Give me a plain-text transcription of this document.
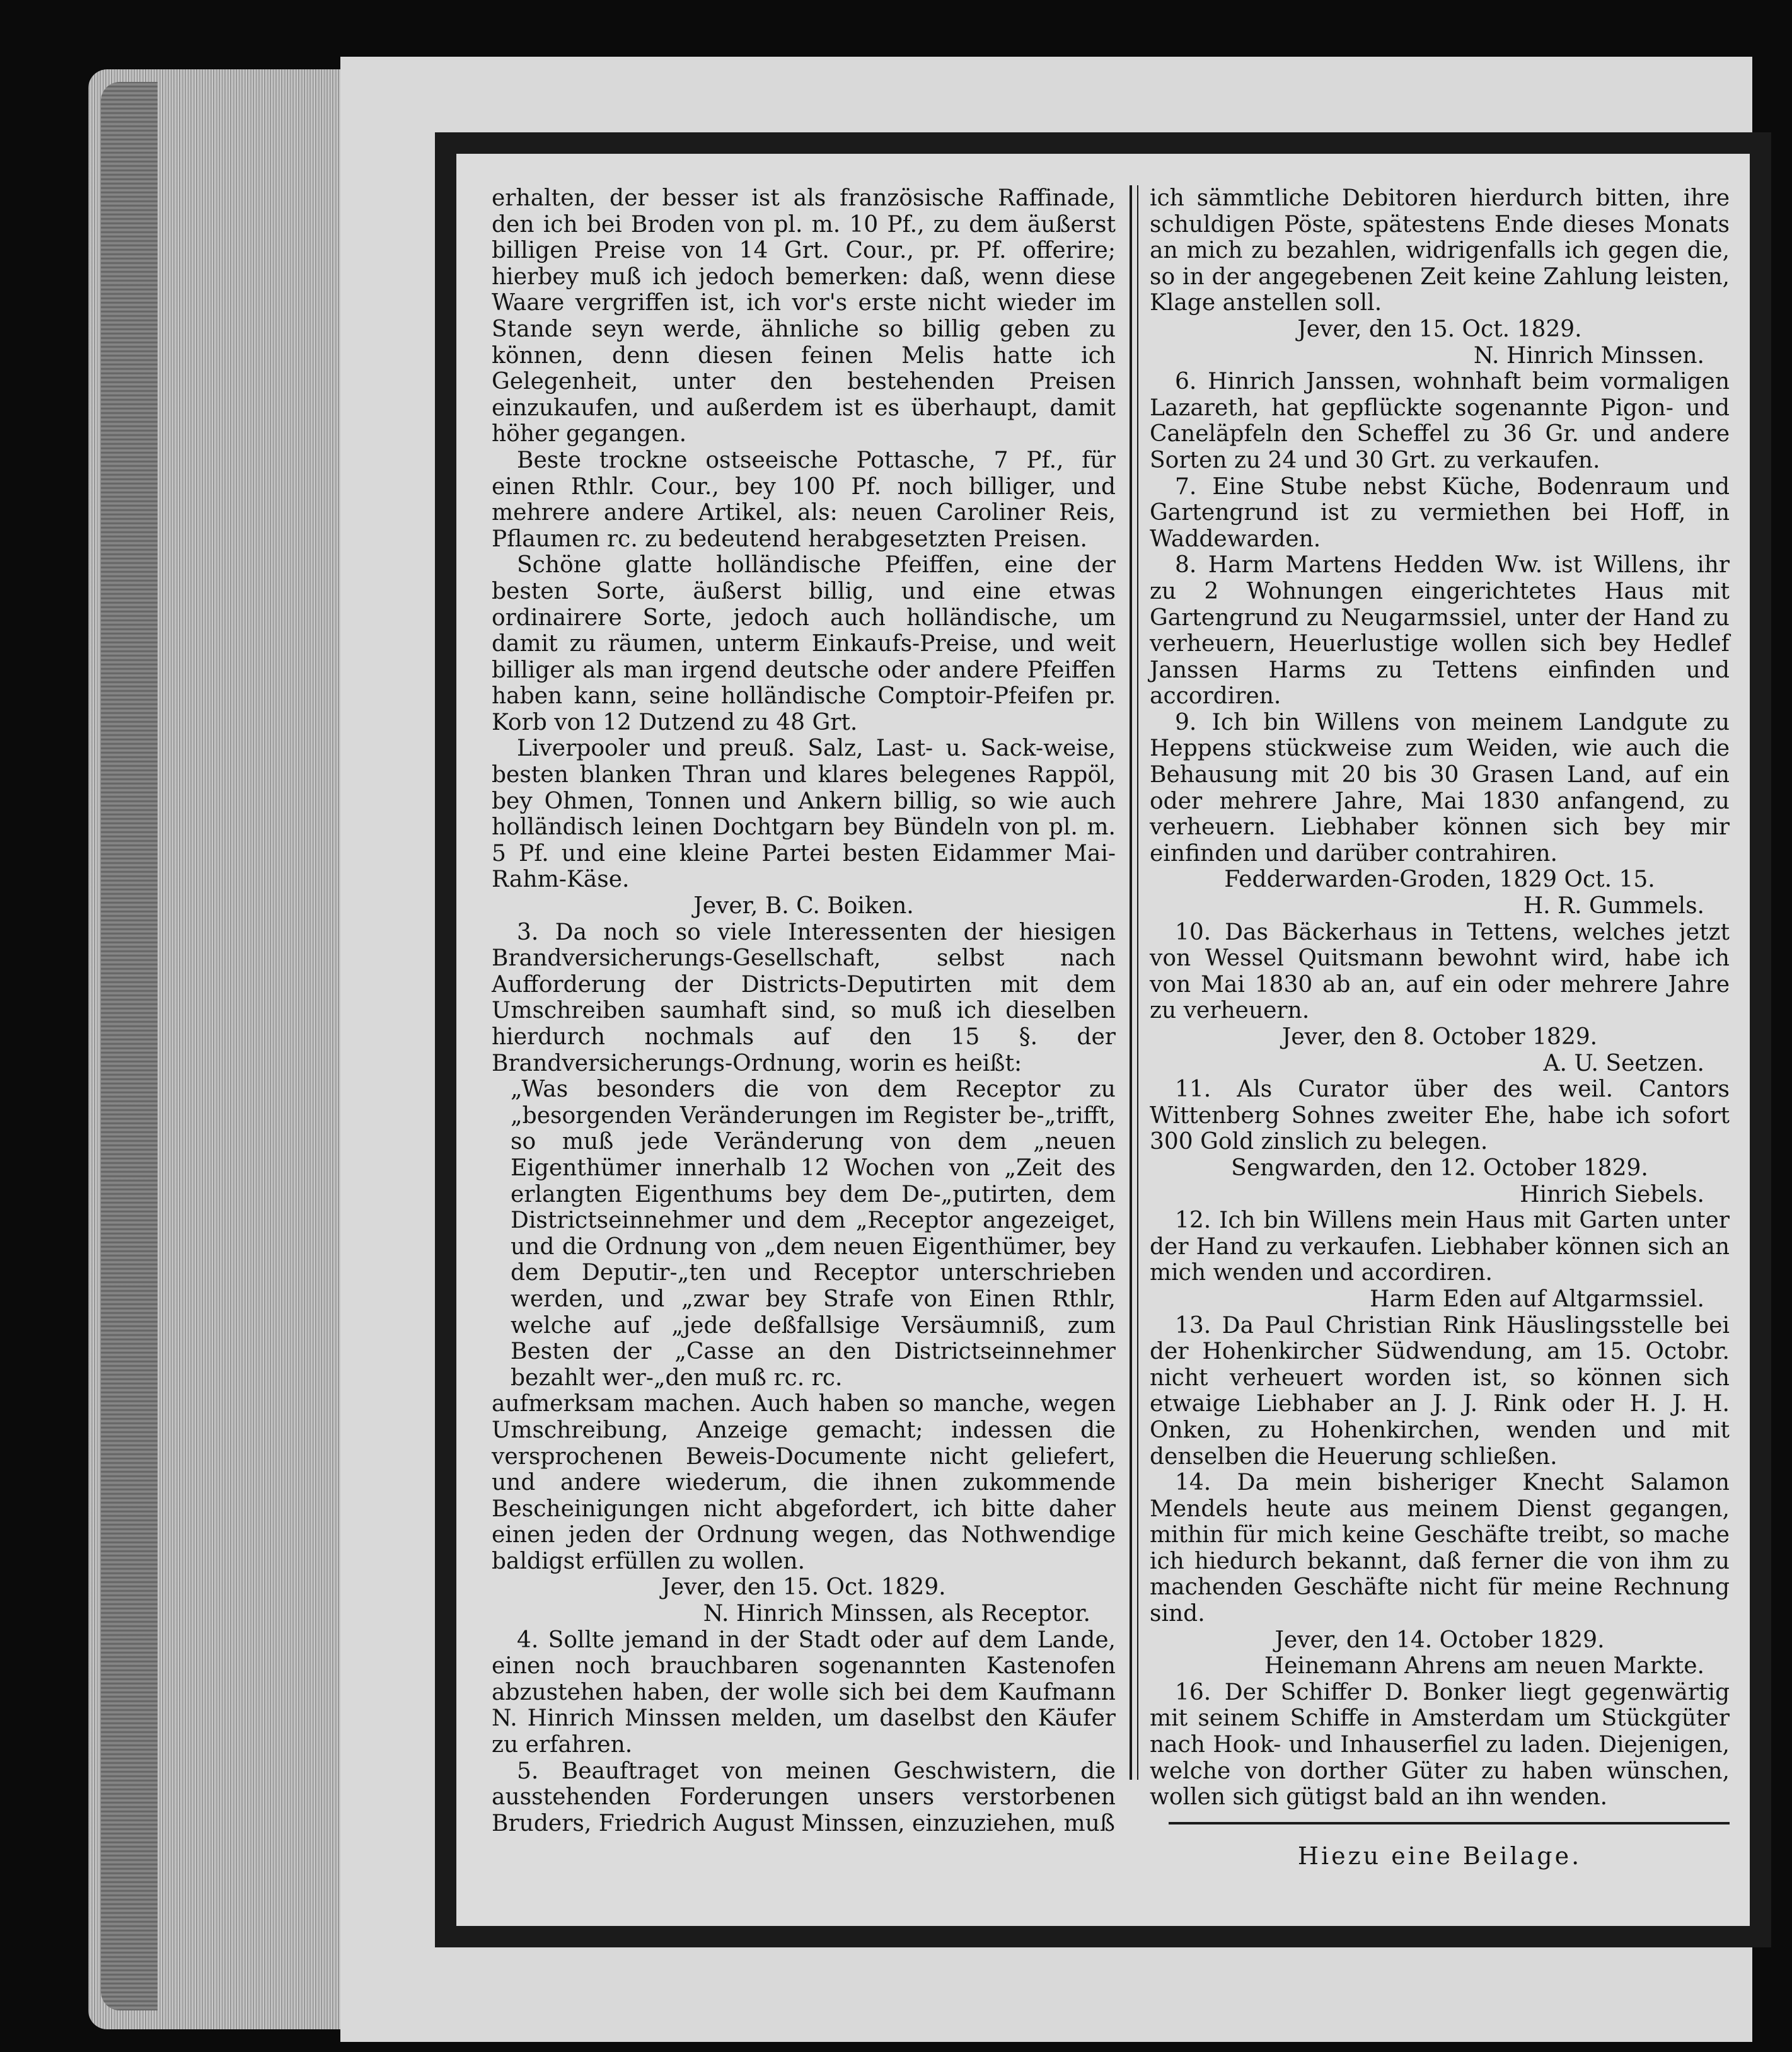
erhalten, der besser ist als französische Raffinade, den ich bei Broden von pl. m. 10 Pf., zu dem äußerst billigen Preise von 14 Grt. Cour., pr. Pf. offerire; hierbey muß ich jedoch bemerken: daß, wenn diese Waare vergriffen ist, ich vor's erste nicht wieder im Stande seyn werde, ähnliche so billig geben zu können, denn diesen feinen Melis hatte ich Gelegenheit, unter den bestehenden Preisen einzukaufen, und außerdem ist es überhaupt, damit höher gegangen.

Beste trockne ostseeische Pottasche, 7 Pf., für einen Rthlr. Cour., bey 100 Pf. noch billiger, und mehrere andere Artikel, als: neuen Caroliner Reis, Pflaumen rc. zu bedeutend herabgesetzten Preisen.

Schöne glatte holländische Pfeiffen, eine der besten Sorte, äußerst billig, und eine etwas ordinairere Sorte, jedoch auch holländische, um damit zu räumen, unterm Einkaufs-Preise, und weit billiger als man irgend deutsche oder andere Pfeiffen haben kann, seine holländische Comptoir-Pfeifen pr. Korb von 12 Dutzend zu 48 Grt.

Liverpooler und preuß. Salz, Last- u. Sack-weise, besten blanken Thran und klares belegenes Rappöl, bey Ohmen, Tonnen und Ankern billig, so wie auch holländisch leinen Dochtgarn bey Bündeln von pl. m. 5 Pf. und eine kleine Partei besten Eidammer Mai-Rahm-Käse.

Jever, B. C. Boiken.

3. Da noch so viele Interessenten der hiesigen Brandversicherungs-Gesellschaft, selbst nach Aufforderung der Districts-Deputirten mit dem Umschreiben saumhaft sind, so muß ich dieselben hierdurch nochmals auf den 15 §. der Brandversicherungs-Ordnung, worin es heißt:

„Was besonders die von dem Receptor zu „besorgenden Veränderungen im Register be-„trifft, so muß jede Veränderung von dem „neuen Eigenthümer innerhalb 12 Wochen von „Zeit des erlangten Eigenthums bey dem De-„putirten, dem Districtseinnehmer und dem „Receptor angezeiget, und die Ordnung von „dem neuen Eigenthümer, bey dem Deputir-„ten und Receptor unterschrieben werden, und „zwar bey Strafe von Einen Rthlr, welche auf „jede deßfallsige Versäumniß, zum Besten der „Casse an den Districtseinnehmer bezahlt wer-„den muß rc. rc.

aufmerksam machen. Auch haben so manche, wegen Umschreibung, Anzeige gemacht; indessen die versprochenen Beweis-Documente nicht geliefert, und andere wiederum, die ihnen zukommende Bescheinigungen nicht abgefordert, ich bitte daher einen jeden der Ordnung wegen, das Nothwendige baldigst erfüllen zu wollen.

Jever, den 15. Oct. 1829.

N. Hinrich Minssen, als Receptor.

4. Sollte jemand in der Stadt oder auf dem Lande, einen noch brauchbaren sogenannten Kastenofen abzustehen haben, der wolle sich bei dem Kaufmann N. Hinrich Minssen melden, um daselbst den Käufer zu erfahren.

5. Beauftraget von meinen Geschwistern, die ausstehenden Forderungen unsers verstorbenen Bruders, Friedrich August Minssen, einzuziehen, muß

ich sämmtliche Debitoren hierdurch bitten, ihre schuldigen Pöste, spätestens Ende dieses Monats an mich zu bezahlen, widrigenfalls ich gegen die, so in der angegebenen Zeit keine Zahlung leisten, Klage anstellen soll.

Jever, den 15. Oct. 1829.

N. Hinrich Minssen.

6. Hinrich Janssen, wohnhaft beim vormaligen Lazareth, hat gepflückte sogenannte Pigon- und Caneläpfeln den Scheffel zu 36 Gr. und andere Sorten zu 24 und 30 Grt. zu verkaufen.

7. Eine Stube nebst Küche, Bodenraum und Gartengrund ist zu vermiethen bei Hoff, in Waddewarden.

8. Harm Martens Hedden Ww. ist Willens, ihr zu 2 Wohnungen eingerichtetes Haus mit Gartengrund zu Neugarmssiel, unter der Hand zu verheuern, Heuerlustige wollen sich bey Hedlef Janssen Harms zu Tettens einfinden und accordiren.

9. Ich bin Willens von meinem Landgute zu Heppens stückweise zum Weiden, wie auch die Behausung mit 20 bis 30 Grasen Land, auf ein oder mehrere Jahre, Mai 1830 anfangend, zu verheuern. Liebhaber können sich bey mir einfinden und darüber contrahiren.

Fedderwarden-Groden, 1829 Oct. 15.

H. R. Gummels.

10. Das Bäckerhaus in Tettens, welches jetzt von Wessel Quitsmann bewohnt wird, habe ich von Mai 1830 ab an, auf ein oder mehrere Jahre zu verheuern.

Jever, den 8. October 1829.

A. U. Seetzen.

11. Als Curator über des weil. Cantors Wittenberg Sohnes zweiter Ehe, habe ich sofort 300 Gold zinslich zu belegen.

Sengwarden, den 12. October 1829.

Hinrich Siebels.

12. Ich bin Willens mein Haus mit Garten unter der Hand zu verkaufen. Liebhaber können sich an mich wenden und accordiren.

Harm Eden auf Altgarmssiel.

13. Da Paul Christian Rink Häuslingsstelle bei der Hohenkircher Südwendung, am 15. Octobr. nicht verheuert worden ist, so können sich etwaige Liebhaber an J. J. Rink oder H. J. H. Onken, zu Hohenkirchen, wenden und mit denselben die Heuerung schließen.

14. Da mein bisheriger Knecht Salamon Mendels heute aus meinem Dienst gegangen, mithin für mich keine Geschäfte treibt, so mache ich hiedurch bekannt, daß ferner die von ihm zu machenden Geschäfte nicht für meine Rechnung sind.

Jever, den 14. October 1829.

Heinemann Ahrens am neuen Markte.

16. Der Schiffer D. Bonker liegt gegenwärtig mit seinem Schiffe in Amsterdam um Stückgüter nach Hook- und Inhauserfiel zu laden. Diejenigen, welche von dorther Güter zu haben wünschen, wollen sich gütigst bald an ihn wenden.

Hiezu eine Beilage.
